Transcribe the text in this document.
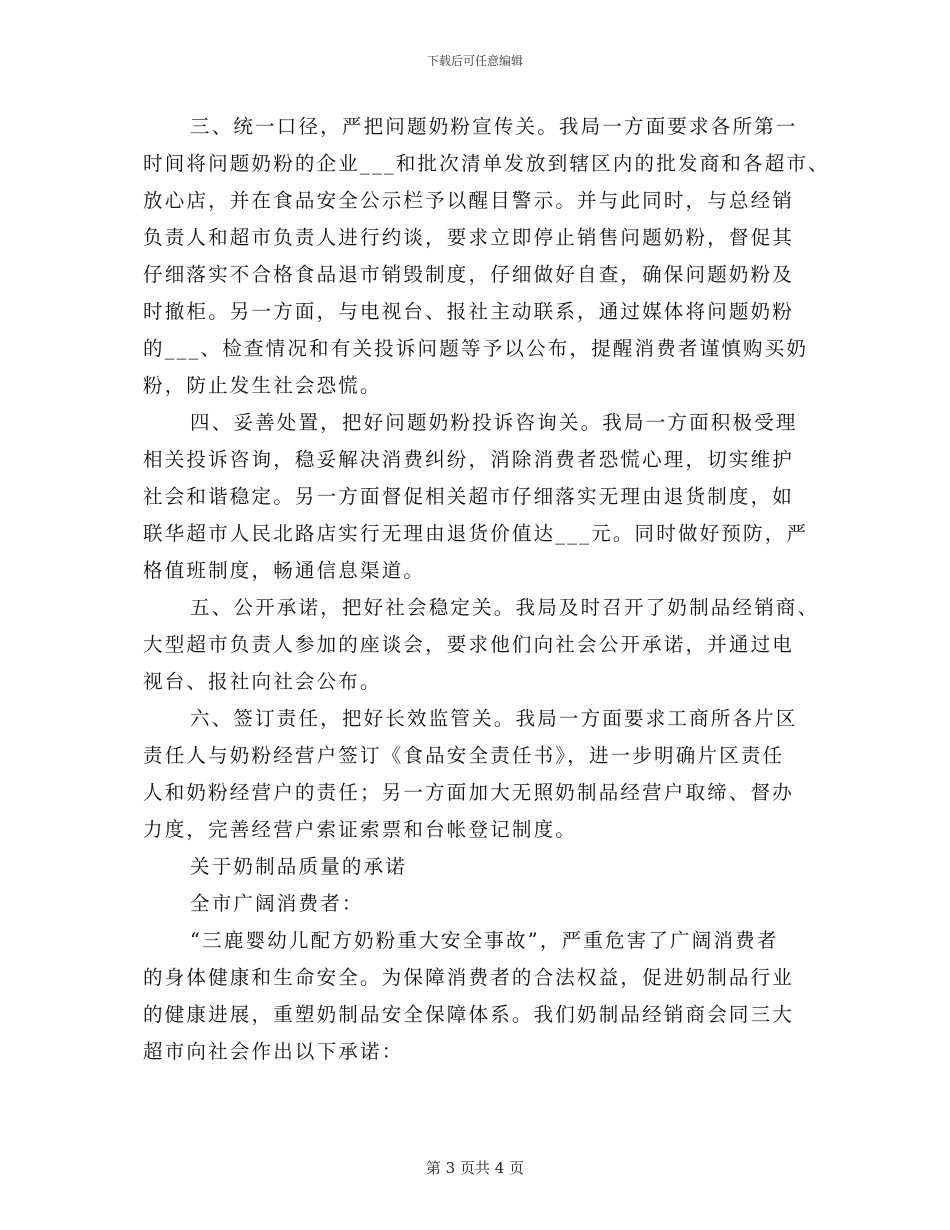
下载后可任意编辑
三、统一口径，严把问题奶粉宣传关。我局一方面要求各所第一
时间将问题奶粉的企业___和批次清单发放到辖区内的批发商和各超市、
放心店，并在食品安全公示栏予以醒目警示。并与此同时，与总经销
负责人和超市负责人进行约谈，要求立即停止销售问题奶粉，督促其
仔细落实不合格食品退市销毁制度，仔细做好自查，确保问题奶粉及
时撤柜。另一方面，与电视台、报社主动联系，通过媒体将问题奶粉
的___、检查情况和有关投诉问题等予以公布，提醒消费者谨慎购买奶
粉，防止发生社会恐慌。
四、妥善处置，把好问题奶粉投诉咨询关。我局一方面积极受理
相关投诉咨询，稳妥解决消费纠纷，消除消费者恐慌心理，切实维护
社会和谐稳定。另一方面督促相关超市仔细落实无理由退货制度，如
联华超市人民北路店实行无理由退货价值达___元。同时做好预防，严
格值班制度，畅通信息渠道。
五、公开承诺，把好社会稳定关。我局及时召开了奶制品经销商、
大型超市负责人参加的座谈会，要求他们向社会公开承诺，并通过电
视台、报社向社会公布。
六、签订责任，把好长效监管关。我局一方面要求工商所各片区
责任人与奶粉经营户签订《食品安全责任书》，进一步明确片区责任
人和奶粉经营户的责任；另一方面加大无照奶制品经营户取缔、督办
力度，完善经营户索证索票和台帐登记制度。
关于奶制品质量的承诺
全市广阔消费者：
“三鹿婴幼儿配方奶粉重大安全事故”，严重危害了广阔消费者
的身体健康和生命安全。为保障消费者的合法权益，促进奶制品行业
的健康进展，重塑奶制品安全保障体系。我们奶制品经销商会同三大
超市向社会作出以下承诺：
第 3 页共 4 页
